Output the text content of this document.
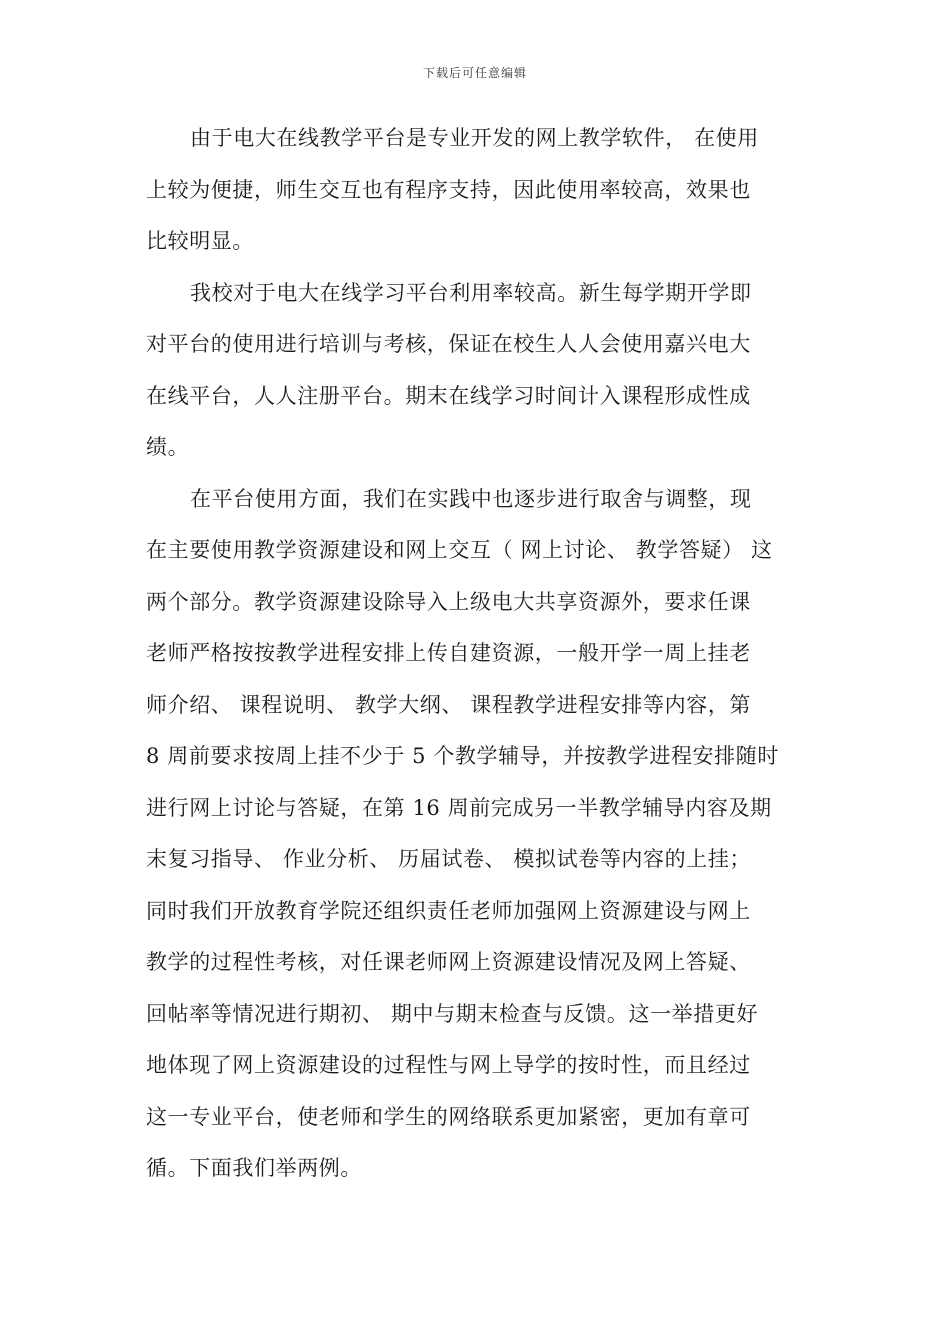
下载后可任意编辑
由于电大在线教学平台是专业开发的网上教学软件， 在使用
上较为便捷，师生交互也有程序支持，因此使用率较高，效果也
比较明显。
我校对于电大在线学习平台利用率较高。新生每学期开学即
对平台的使用进行培训与考核，保证在校生人人会使用嘉兴电大
在线平台，人人注册平台。期末在线学习时间计入课程形成性成
绩。
在平台使用方面，我们在实践中也逐步进行取舍与调整，现
在主要使用教学资源建设和网上交互（ 网上讨论、 教学答疑） 这
两个部分。教学资源建设除导入上级电大共享资源外，要求任课
老师严格按按教学进程安排上传自建资源，一般开学一周上挂老
师介绍、 课程说明、 教学大纲、 课程教学进程安排等内容，第
8 周前要求按周上挂不少于 5 个教学辅导，并按教学进程安排随时
进行网上讨论与答疑，在第 16 周前完成另一半教学辅导内容及期
末复习指导、 作业分析、 历届试卷、 模拟试卷等内容的上挂；
同时我们开放教育学院还组织责任老师加强网上资源建设与网上
教学的过程性考核，对任课老师网上资源建设情况及网上答疑、
回帖率等情况进行期初、 期中与期末检查与反馈。这一举措更好
地体现了网上资源建设的过程性与网上导学的按时性，而且经过
这一专业平台，使老师和学生的网络联系更加紧密，更加有章可
循。下面我们举两例。
